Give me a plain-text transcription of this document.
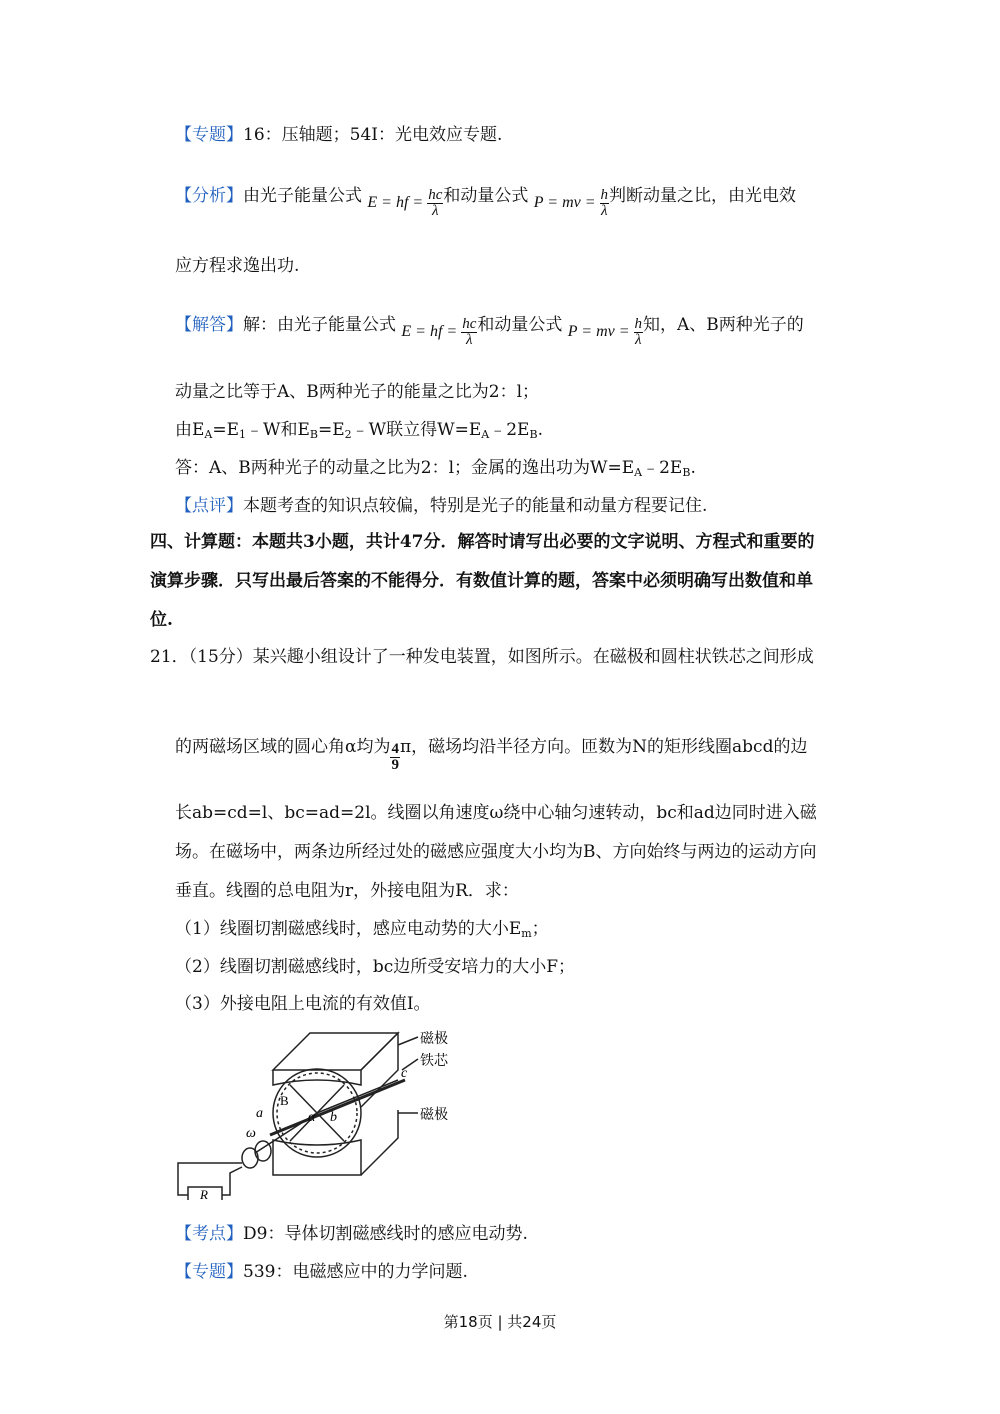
【专题】16：压轴题；54I：光电效应专题.
【分析】由光子能量公式 E = hf = $\frac{hc}{\lambda}$ 和动量公式 P = mv = $\frac{h}{\lambda}$ 判断动量之比，由光电效
应方程求逸出功.
【解答】解：由光子能量公式 E = hf = $\frac{hc}{\lambda}$ 和动量公式 P = mv = $\frac{h}{\lambda}$ 知，A、B两种光子的
动量之比等于A、B两种光子的能量之比为2：l；
由$E_A=E_1﹣W$和$E_B=E_2﹣W$联立得$W=E_A﹣2E_B$.
答：A、B两种光子的动量之比为2：l；金属的逸出功为$W=E_A﹣2E_B$.
【点评】本题考查的知识点较偏，特别是光子的能量和动量方程要记住.
四、计算题：本题共3小题，共计47分．解答时请写出必要的文字说明、方程式和重要的
演算步骤．只写出最后答案的不能得分．有数值计算的题，答案中必须明确写出数值和单
位.
21．（15分）某兴趣小组设计了一种发电装置，如图所示。在磁极和圆柱状铁芯之间形成
的两磁场区域的圆心角α均为 $\frac{4}{9}$ π，磁场均沿半径方向。匝数为N的矩形线圈abcd的边
长ab=cd=l、bc=ad=2l。线圈以角速度ω绕中心轴匀速转动，bc和ad边同时进入磁
场。在磁场中，两条边所经过处的磁感应强度大小均为B、方向始终与两边的运动方向
垂直。线圈的总电阻为r，外接电阻为R．求：
（1）线圈切割磁感线时，感应电动势的大小$E_m$；
（2）线圈切割磁感线时，bc边所受安培力的大小F；
（3）外接电阻上电流的有效值I。
磁极
铁芯
磁极
a	b
c
B
α
ω
R
【考点】D9：导体切割磁感线时的感应电动势.
【专题】539：电磁感应中的力学问题.
第18页 | 共24页
